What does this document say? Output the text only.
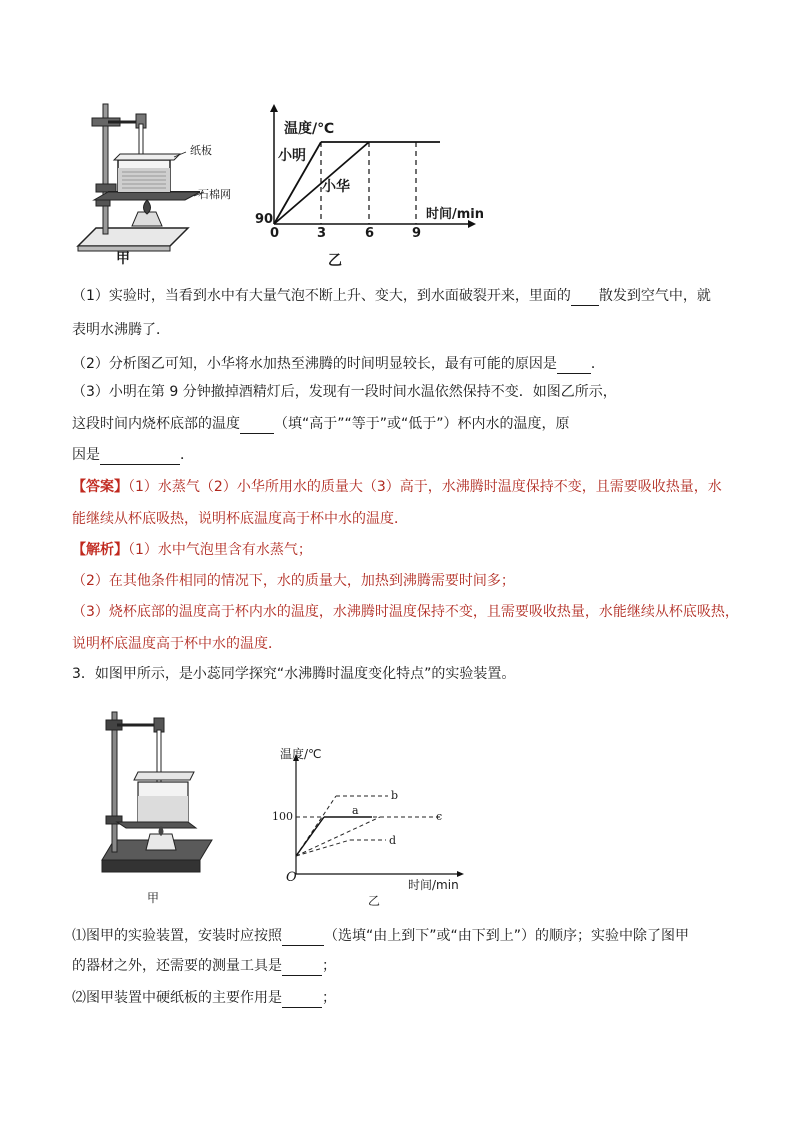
纸板
石棉网
甲
温度/℃
时间/min
90
0	3	6	9
小明
小华
乙
（1）实验时，当看到水中有大量气泡不断上升、变大，到水面破裂开来，里面的 散发到空气中，就
表明水沸腾了．
（2）分析图乙可知，小华将水加热至沸腾的时间明显较长，最有可能的原因是 ．
（3）小明在第 9 分钟撤掉酒精灯后，发现有一段时间水温依然保持不变．如图乙所示，
这段时间内烧杯底部的温度 （填“高于”“等于”或“低于”）杯内水的温度，原
因是	．
【答案】（1）水蒸气（2）小华所用水的质量大（3）高于，水沸腾时温度保持不变，且需要吸收热量，水
能继续从杯底吸热，说明杯底温度高于杯中水的温度．
【解析】（1）水中气泡里含有水蒸气；
（2）在其他条件相同的情况下，水的质量大，加热到沸腾需要时间多；
（3）烧杯底部的温度高于杯内水的温度，水沸腾时温度保持不变，且需要吸收热量，水能继续从杯底吸热，
说明杯底温度高于杯中水的温度．
3．如图甲所示，是小蕊同学探究“水沸腾时温度变化特点”的实验装置。
甲
温度/℃
100
O	时间/min
a
b
c
d
乙
⑴图甲的实验装置，安装时应按照	（选填“由上到下”或“由下到上”）的顺序；实验中除了图甲
的器材之外，还需要的测量工具是	；
⑵图甲装置中硬纸板的主要作用是	；
